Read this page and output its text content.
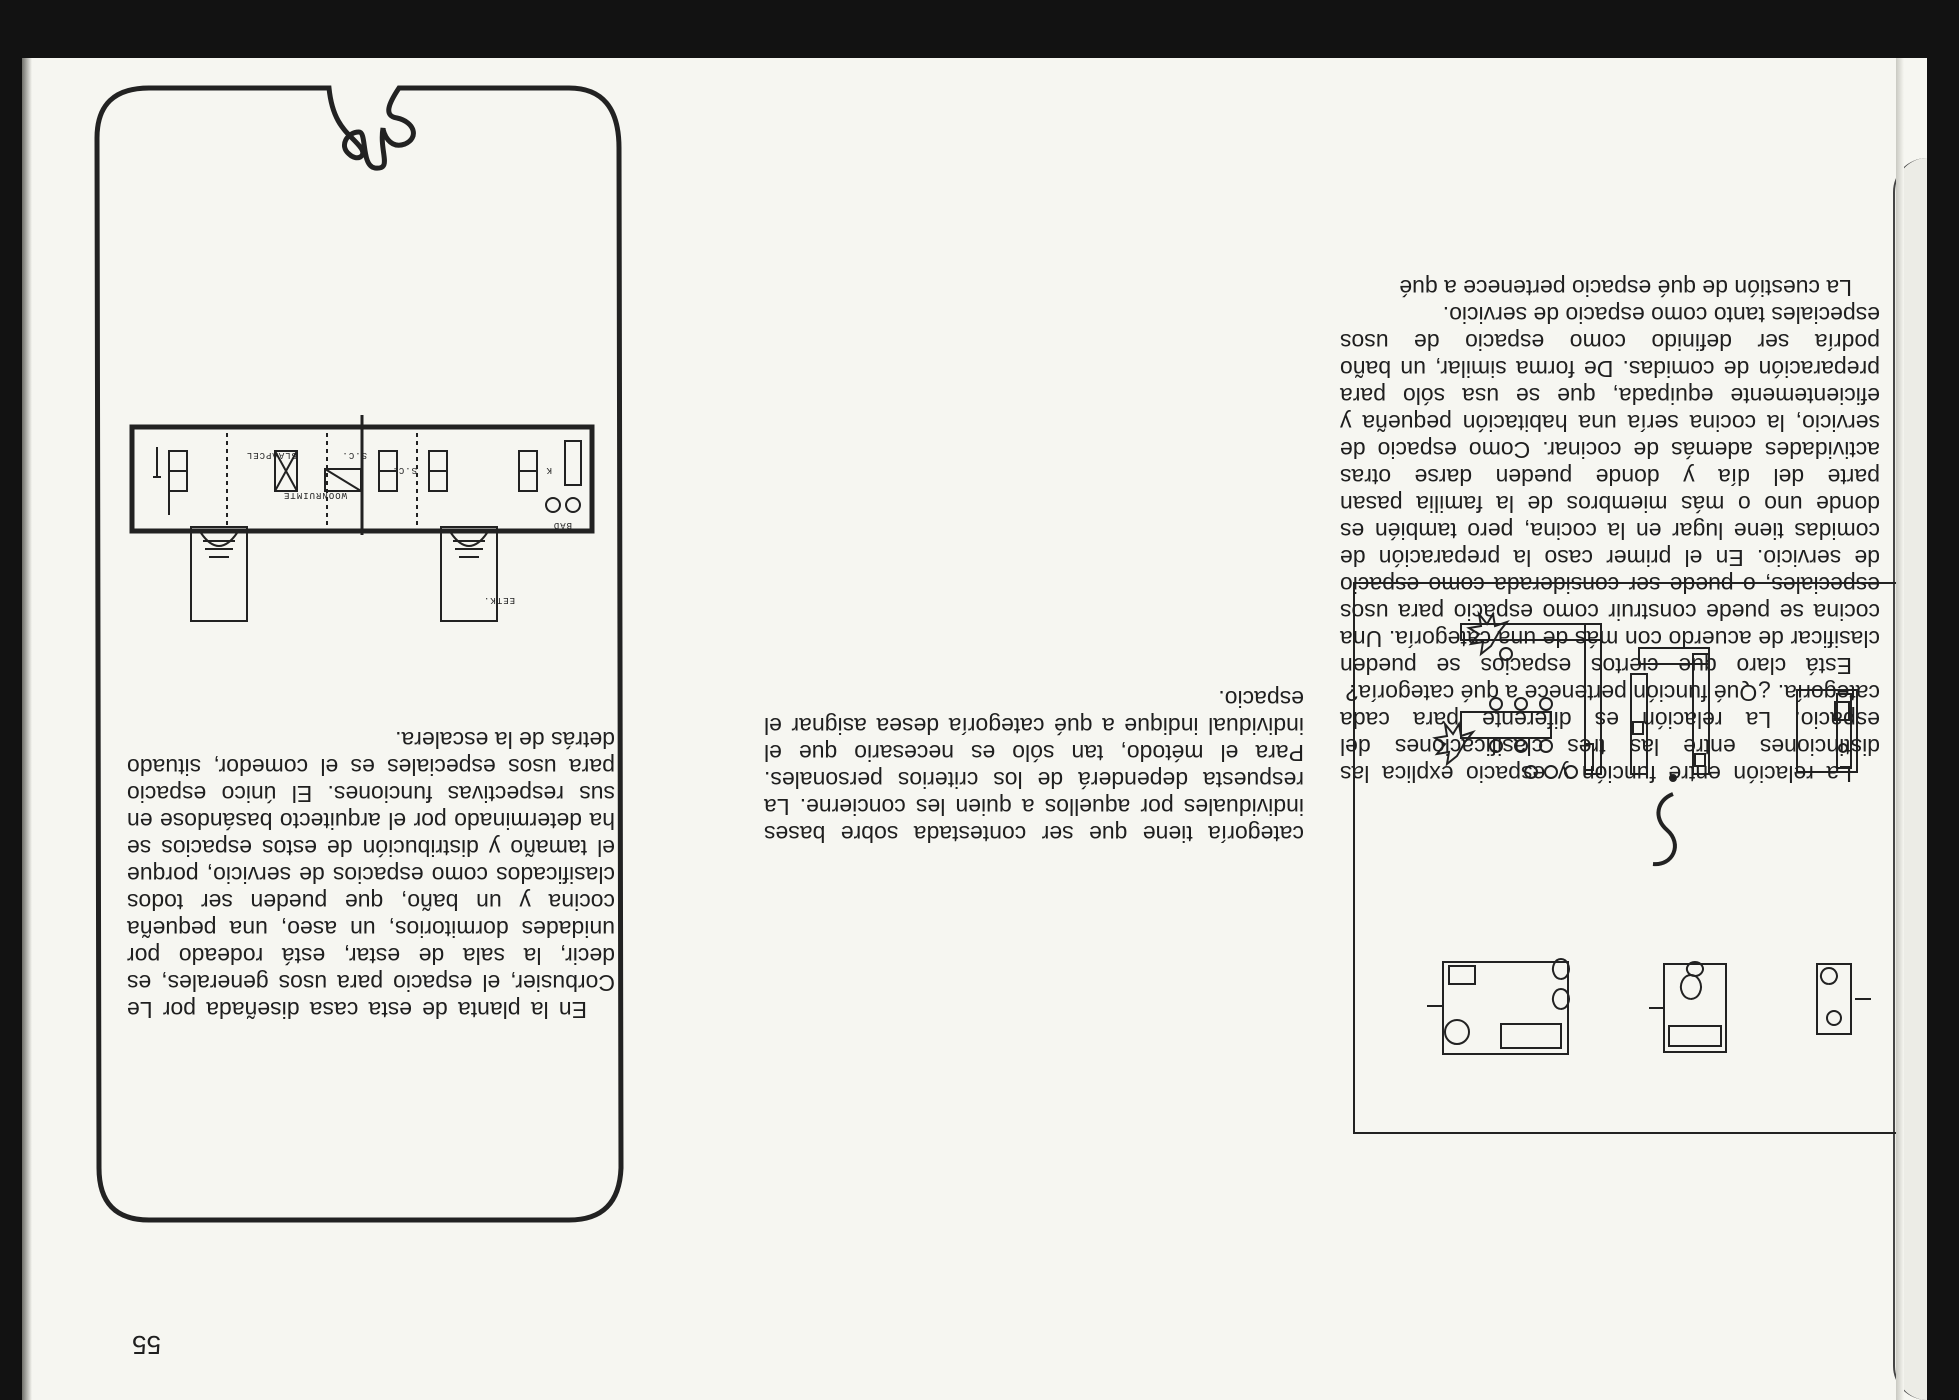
55

La relación entre función y espacio explica las distinciones entre las tres clasificaciones del espacio. La relación es diferente para cada categoría. ¿Qué función pertenece a qué categoría?

Está claro que ciertos espacios se pueden clasificar de acuerdo con más de una categoría. Una cocina se puede construir como espacio para usos especiales, o puede ser considerada como espacio de servicio. En el primer caso la preparación de comidas tiene lugar en la cocina, pero también es donde uno o más miembros de la familia pasan parte del día y donde pueden darse otras actividades además de cocinar. Como espacio de servicio, la cocina sería una habitación pequeña y eficientemente equipada, que se usa sólo para preparación de comidas. De forma similar, un baño podría ser definido como espacio de usos especiales tanto como espacio de servicio.

La cuestión de qué espacio pertenece a qué

categoría tiene que ser contestada sobre bases individuales por aquellos a quien les concierne. La respuesta dependerá de los criterios personales. Para el método, tan sólo es necesario que el individual indique a qué categoría desea asignar el espacio.

WOONRUIMTE
SLAAPCEL
BAD
S.C.
S.C.	K
EETK.

En la planta de esta casa diseñada por Le Corbusier, el espacio para usos generales, es decir, la sala de estar, está rodeado por unidades dormitorios, un aseo, una pequeña cocina y un baño, que pueden ser todos clasificados como espacios de servicio, porque el tamaño y distribución de estos espacios se ha determinado por el arquitecto basándose en sus respectivas funciones. El único espacio para usos especiales es el comedor, situado detrás de la escalera.
